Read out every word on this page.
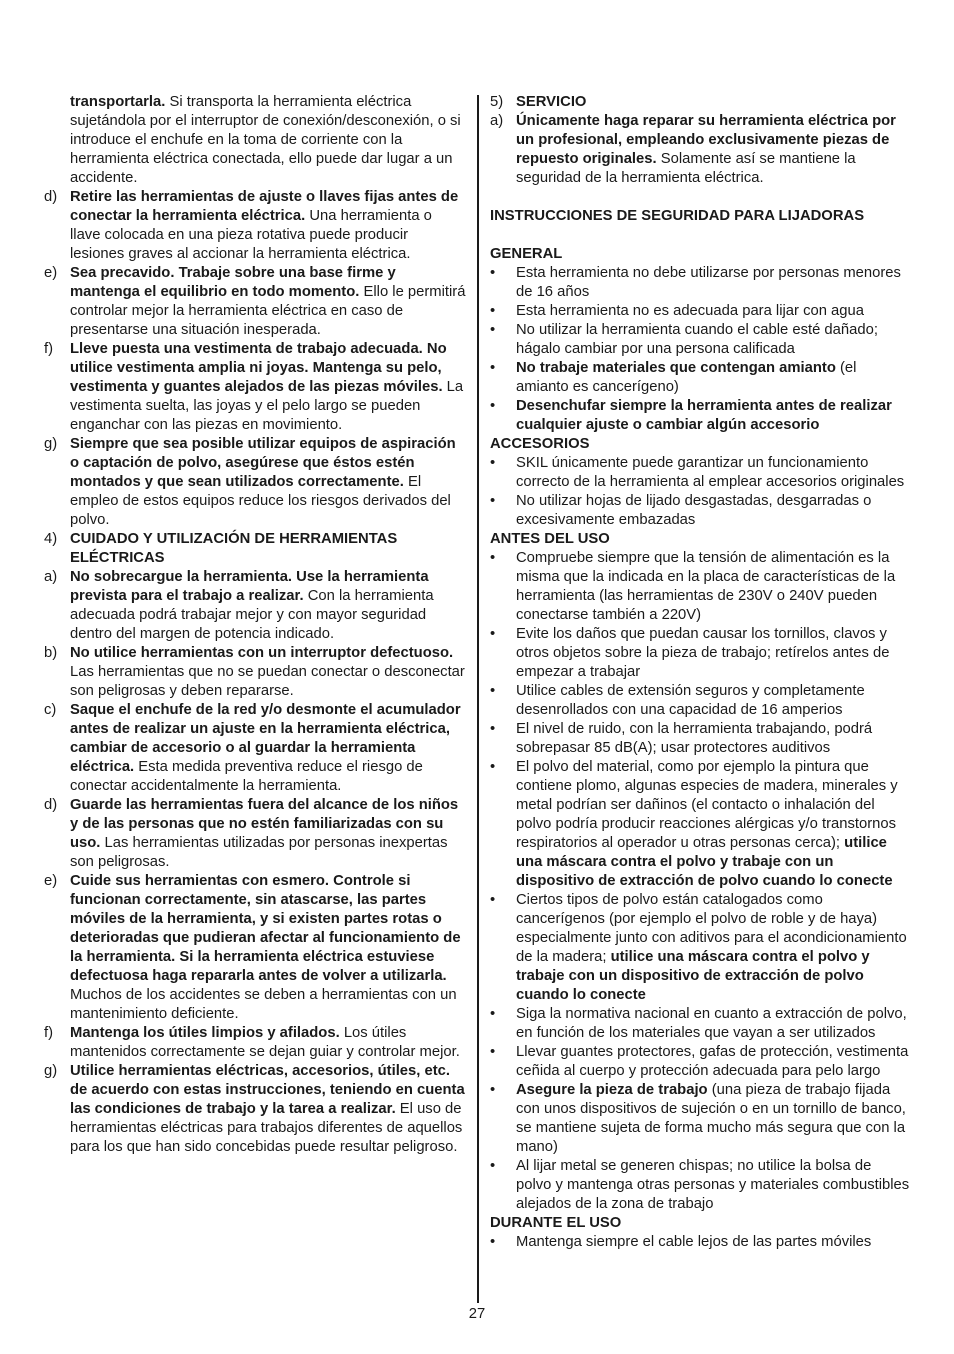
transportarla. Si transporta la herramienta eléctrica sujetándola por el interruptor de conexión/desconexión, o si introduce el enchufe en la toma de corriente con la herramienta eléctrica conectada, ello puede dar lugar a un accidente.
d) Retire las herramientas de ajuste o llaves fijas antes de conectar la herramienta eléctrica. Una herramienta o llave colocada en una pieza rotativa puede producir lesiones graves al accionar la herramienta eléctrica.
e) Sea precavido. Trabaje sobre una base firme y mantenga el equilibrio en todo momento. Ello le permitirá controlar mejor la herramienta eléctrica en caso de presentarse una situación inesperada.
f)	Lleve puesta una vestimenta de trabajo adecuada. No utilice vestimenta amplia ni joyas. Mantenga su pelo, vestimenta y guantes alejados de las piezas móviles. La vestimenta suelta, las joyas y el pelo largo se pueden enganchar con las piezas en movimiento.
g) Siempre que sea posible utilizar equipos de aspiración o captación de polvo, asegúrese que éstos estén montados y que sean utilizados correctamente. El empleo de estos equipos reduce los riesgos derivados del polvo.
4) CUIDADO Y UTILIZACIÓN DE HERRAMIENTAS ELÉCTRICAS
a) No sobrecargue la herramienta. Use la herramienta prevista para el trabajo a realizar. Con la herramienta adecuada podrá trabajar mejor y con mayor seguridad dentro del margen de potencia indicado.
b) No utilice herramientas con un interruptor defectuoso. Las herramientas que no se puedan conectar o desconectar son peligrosas y deben repararse.
c) Saque el enchufe de la red y/o desmonte el acumulador antes de realizar un ajuste en la herramienta eléctrica, cambiar de accesorio o al guardar la herramienta eléctrica. Esta medida preventiva reduce el riesgo de conectar accidentalmente la herramienta.
d) Guarde las herramientas fuera del alcance de los niños y de las personas que no estén familiarizadas con su uso. Las herramientas utilizadas por personas inexpertas son peligrosas.
e) Cuide sus herramientas con esmero. Controle si funcionan correctamente, sin atascarse, las partes móviles de la herramienta, y si existen partes rotas o deterioradas que pudieran afectar al funcionamiento de la herramienta. Si la herramienta eléctrica estuviese defectuosa haga repararla antes de volver a utilizarla. Muchos de los accidentes se deben a herramientas con un mantenimiento deficiente.
f)	Mantenga los útiles limpios y afilados. Los útiles mantenidos correctamente se dejan guiar y controlar mejor.
g) Utilice herramientas eléctricas, accesorios, útiles, etc. de acuerdo con estas instrucciones, teniendo en cuenta las condiciones de trabajo y la tarea a realizar. El uso de herramientas eléctricas para trabajos diferentes de aquellos para los que han sido concebidas puede resultar peligroso.
5) SERVICIO
a) Únicamente haga reparar su herramienta eléctrica por un profesional, empleando exclusivamente piezas de repuesto originales. Solamente así se mantiene la seguridad de la herramienta eléctrica.
INSTRUCCIONES DE SEGURIDAD PARA LIJADORAS
GENERAL
•	Esta herramienta no debe utilizarse por personas menores de 16 años
•	Esta herramienta no es adecuada para lijar con agua
•	No utilizar la herramienta cuando el cable esté dañado; hágalo cambiar por una persona calificada
•	No trabaje materiales que contengan amianto (el amianto es cancerígeno)
•	Desenchufar siempre la herramienta antes de realizar cualquier ajuste o cambiar algún accesorio
ACCESORIOS
•	SKIL únicamente puede garantizar un funcionamiento correcto de la herramienta al emplear accesorios originales
•	No utilizar hojas de lijado desgastadas, desgarradas o excesivamente embazadas
ANTES DEL USO
•	Compruebe siempre que la tensión de alimentación es la misma que la indicada en la placa de características de la herramienta (las herramientas de 230V o 240V pueden conectarse también a 220V)
•	Evite los daños que puedan causar los tornillos, clavos y otros objetos sobre la pieza de trabajo; retírelos antes de empezar a trabajar
•	Utilice cables de extensión seguros y completamente desenrollados con una capacidad de 16 amperios
•	El nivel de ruido, con la herramienta trabajando, podrá sobrepasar 85 dB(A); usar protectores auditivos
•	El polvo del material, como por ejemplo la pintura que contiene plomo, algunas especies de madera, minerales y metal podrían ser dañinos (el contacto o inhalación del polvo podría producir reacciones alérgicas y/o transtornos respiratorios al operador u otras personas cerca); utilice una máscara contra el polvo y trabaje con un dispositivo de extracción de polvo cuando lo conecte
•	Ciertos tipos de polvo están catalogados como cancerígenos (por ejemplo el polvo de roble y de haya) especialmente junto con aditivos para el acondicionamiento de la madera; utilice una máscara contra el polvo y trabaje con un dispositivo de extracción de polvo cuando lo conecte
•	Siga la normativa nacional en cuanto a extracción de polvo, en función de los materiales que vayan a ser utilizados
•	Llevar guantes protectores, gafas de protección, vestimenta ceñida al cuerpo y protección adecuada para pelo largo
•	Asegure la pieza de trabajo (una pieza de trabajo fijada con unos dispositivos de sujeción o en un tornillo de banco, se mantiene sujeta de forma mucho más segura que con la mano)
•	Al lijar metal se generen chispas; no utilice la bolsa de polvo y mantenga otras personas y materiales combustibles alejados de la zona de trabajo
DURANTE EL USO
•	Mantenga siempre el cable lejos de las partes móviles
27
